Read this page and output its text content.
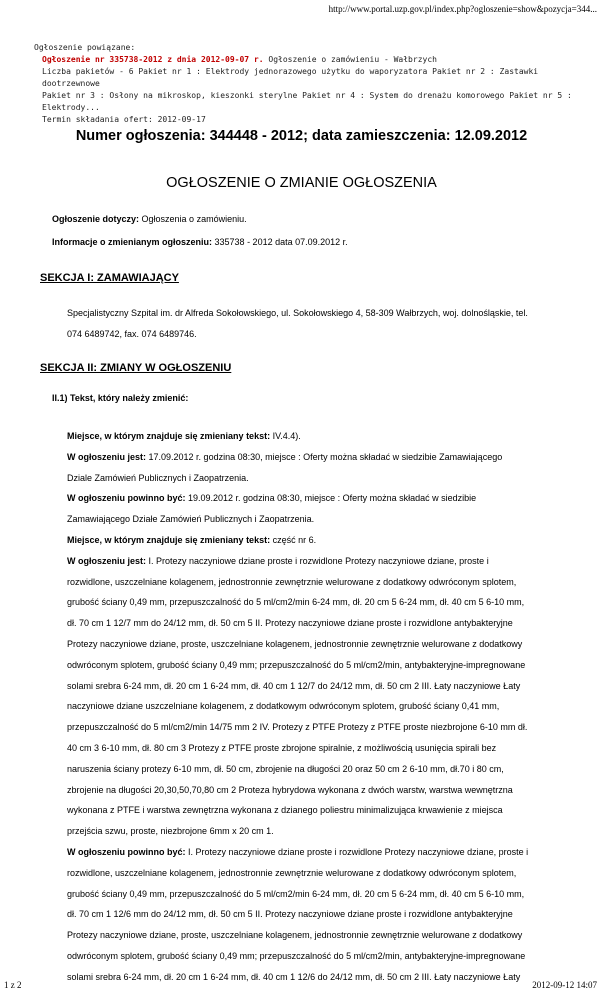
http://www.portal.uzp.gov.pl/index.php?ogloszenie=show&pozycja=344...
Ogłoszenie powiązane:
Ogłoszenie nr 335738-2012 z dnia 2012-09-07 r. Ogłoszenie o zamówieniu - Wałbrzych
Liczba pakietów - 6 Pakiet nr 1 : Elektrody jednorazowego użytku do waporyzatora Pakiet nr 2 : Zastawki dootrzewnowe
Pakiet nr 3 : Osłony na mikroskop, kieszonki sterylne Pakiet nr 4 : System do drenażu komorowego Pakiet nr 5 :
Elektrody...
Termin składania ofert: 2012-09-17
Numer ogłoszenia: 344448 - 2012; data zamieszczenia: 12.09.2012
OGŁOSZENIE O ZMIANIE OGŁOSZENIA
Ogłoszenie dotyczy: Ogłoszenia o zamówieniu.
Informacje o zmienianym ogłoszeniu: 335738 - 2012 data 07.09.2012 r.
SEKCJA I: ZAMAWIAJĄCY
Specjalistyczny Szpital im. dr Alfreda Sokołowskiego, ul. Sokołowskiego 4, 58-309 Wałbrzych, woj. dolnośląskie, tel.
074 6489742, fax. 074 6489746.
SEKCJA II: ZMIANY W OGŁOSZENIU
II.1) Tekst, który należy zmienić:
Miejsce, w którym znajduje się zmieniany tekst: IV.4.4).
W ogłoszeniu jest: 17.09.2012 r. godzina 08:30, miejsce : Oferty można składać w siedzibie Zamawiającego
Dziale Zamówień Publicznych i Zaopatrzenia.
W ogłoszeniu powinno być: 19.09.2012 r. godzina 08:30, miejsce : Oferty można składać w siedzibie
Zamawiającego Działe Zamówień Publicznych i Zaopatrzenia.
Miejsce, w którym znajduje się zmieniany tekst: część nr 6.
W ogłoszeniu jest: I. Protezy naczyniowe dziane proste i rozwidlone Protezy naczyniowe dziane, proste i
rozwidlone, uszczelniane kolagenem, jednostronnie zewnętrznie welurowane z dodatkowy odwróconym splotem,
grubość ściany 0,49 mm, przepuszczalność do 5 ml/cm2/min 6-24 mm, dł. 20 cm 5 6-24 mm, dł. 40 cm 5 6-10 mm,
dł. 70 cm 1 12/7 mm do 24/12 mm, dł. 50 cm 5 II. Protezy naczyniowe dziane proste i rozwidlone antybakteryjne
Protezy naczyniowe dziane, proste, uszczelniane kolagenem, jednostronnie zewnętrznie welurowane z dodatkowy
odwróconym splotem, grubość ściany 0,49 mm; przepuszczalność do 5 ml/cm2/min, antybakteryjne-impregnowane
solami srebra 6-24 mm, dł. 20 cm 1 6-24 mm, dł. 40 cm 1 12/7 do 24/12 mm, dł. 50 cm 2 III. Łaty naczyniowe Łaty
naczyniowe dziane uszczelniane kolagenem, z dodatkowym odwróconym splotem, grubość ściany 0,41 mm,
przepuszczalność do 5 ml/cm2/min 14/75 mm 2 IV. Protezy z PTFE Protezy z PTFE proste niezbrojone 6-10 mm dł.
40 cm 3 6-10 mm, dł. 80 cm 3 Protezy z PTFE proste zbrojone spiralnie, z możliwością usunięcia spirali bez
naruszenia ściany protezy 6-10 mm, dł. 50 cm, zbrojenie na długości 20 oraz 50 cm 2 6-10 mm, dł.70 i 80 cm,
zbrojenie na długości 20,30,50,70,80 cm 2 Proteza hybrydowa wykonana z dwóch warstw, warstwa wewnętrzna
wykonana z PTFE i warstwa zewnętrzna wykonana z dzianego poliestru minimalizująca krwawienie z miejsca
przejścia szwu, proste, niezbrojone 6mm x 20 cm 1.
W ogłoszeniu powinno być: I. Protezy naczyniowe dziane proste i rozwidlone Protezy naczyniowe dziane, proste i
rozwidlone, uszczelniane kolagenem, jednostronnie zewnętrznie welurowane z dodatkowy odwróconym splotem,
grubość ściany 0,49 mm, przepuszczalność do 5 ml/cm2/min 6-24 mm, dł. 20 cm 5 6-24 mm, dł. 40 cm 5 6-10 mm,
dł. 70 cm 1 12/6 mm do 24/12 mm, dł. 50 cm 5 II. Protezy naczyniowe dziane proste i rozwidlone antybakteryjne
Protezy naczyniowe dziane, proste, uszczelniane kolagenem, jednostronnie zewnętrznie welurowane z dodatkowy
odwróconym splotem, grubość ściany 0,49 mm; przepuszczalność do 5 ml/cm2/min, antybakteryjne-impregnowane
solami srebra 6-24 mm, dł. 20 cm 1 6-24 mm, dł. 40 cm 1 12/6 do 24/12 mm, dł. 50 cm 2 III. Łaty naczyniowe Łaty
1 z 2	2012-09-12 14:07
